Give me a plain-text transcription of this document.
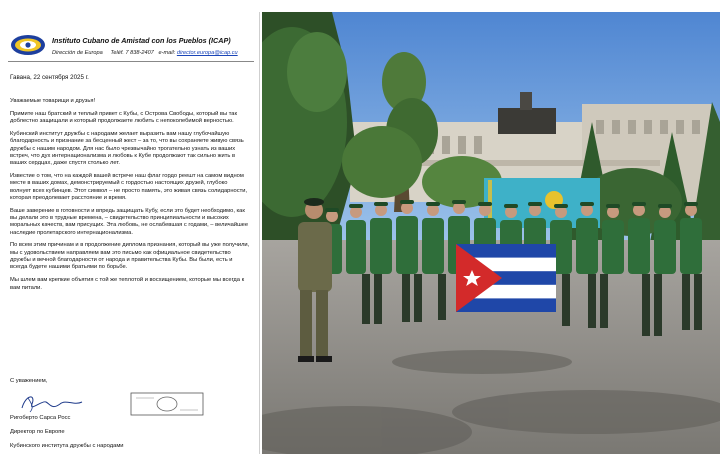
Instituto Cubano de Amistad con los Pueblos (ICAP)
Dirección de Europa Teléf. 7 838-2407 e-mail: director.europa@icap.cu
Гавана, 22 сентября 2025 г.

Уважаемые товарищи и друзья!

Примите наш братский и теплый привет с Кубы, с Острова Свободы, который вы так доблестно защищали и который продолжаете любить с непоколебимой верностью.

Кубинский институт дружбы с народами желает выразить вам нашу глубочайшую благодарность и признание за бесценный жест – за то, что вы сохраняете живую связь дружбы с нашим народом. Для нас было чрезвычайно трогательно узнать из ваших встреч, что дух интернационализма и любовь к Кубе продолжают так сильно жить в ваших сердцах, даже спустя столько лет.

Известие о том, что на каждой вашей встрече наш флаг гордо реешт на самом видном месте в ваших домах, демонстрируемый с гордостью настоящих друзей, глубоко волнует всех кубинцев. Этот символ – не просто память, это живая связь солидарности, которая преодолевает расстояние и время.

Ваше заверение в готовности и впредь защищать Кубу, если это будет необходимо, как вы делали это в трудные времена, – свидетельство принципиальности и высоких моральных качеств, вам присущих. Эта любовь, не ослабевшая с годами, – величайшее наследие пролетарского интернационализма.

По всем этим причинам и в продолжение диплома признания, который вы уже получили, мы с удовольствием направляем вам это письмо как официальное свидетельство дружбы и вечной благодарности от народа и правительства Кубы. Вы были, есть и всегда будете нашими братьями по борьбе.

Мы шлем вам крепкие объятия с той же теплотой и восхищением, которые мы всегда к вам питали.

С уважением,
Ригоберто Сарса Росс
Директор по Европе
Кубинского института дружбы с народами
